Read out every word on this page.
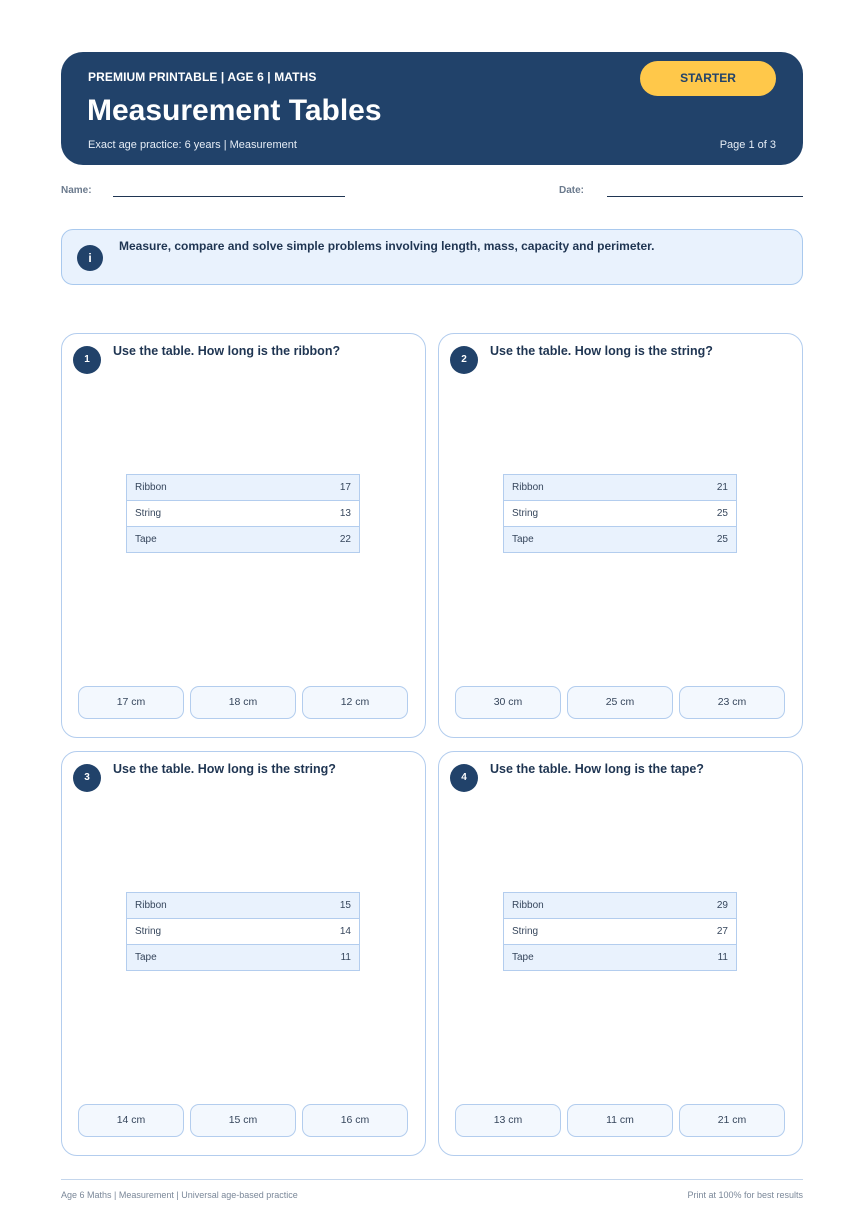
PREMIUM PRINTABLE | AGE 6 | MATHS
Measurement Tables
Exact age practice: 6 years | Measurement	Page 1 of 3
STARTER
Name:	Date:
i
Measure, compare and solve simple problems involving length, mass, capacity and perimeter.
1
Use the table. How long is the ribbon?
Ribbon	17
String	13
Tape	22
17 cm	18 cm	12 cm
2
Use the table. How long is the string?
Ribbon	21
String	25
Tape	25
30 cm	25 cm	23 cm
3
Use the table. How long is the string?
Ribbon	15
String	14
Tape	11
14 cm	15 cm	16 cm
4
Use the table. How long is the tape?
Ribbon	29
String	27
Tape	11
13 cm	11 cm	21 cm
Age 6 Maths | Measurement | Universal age-based practice	Print at 100% for best results
